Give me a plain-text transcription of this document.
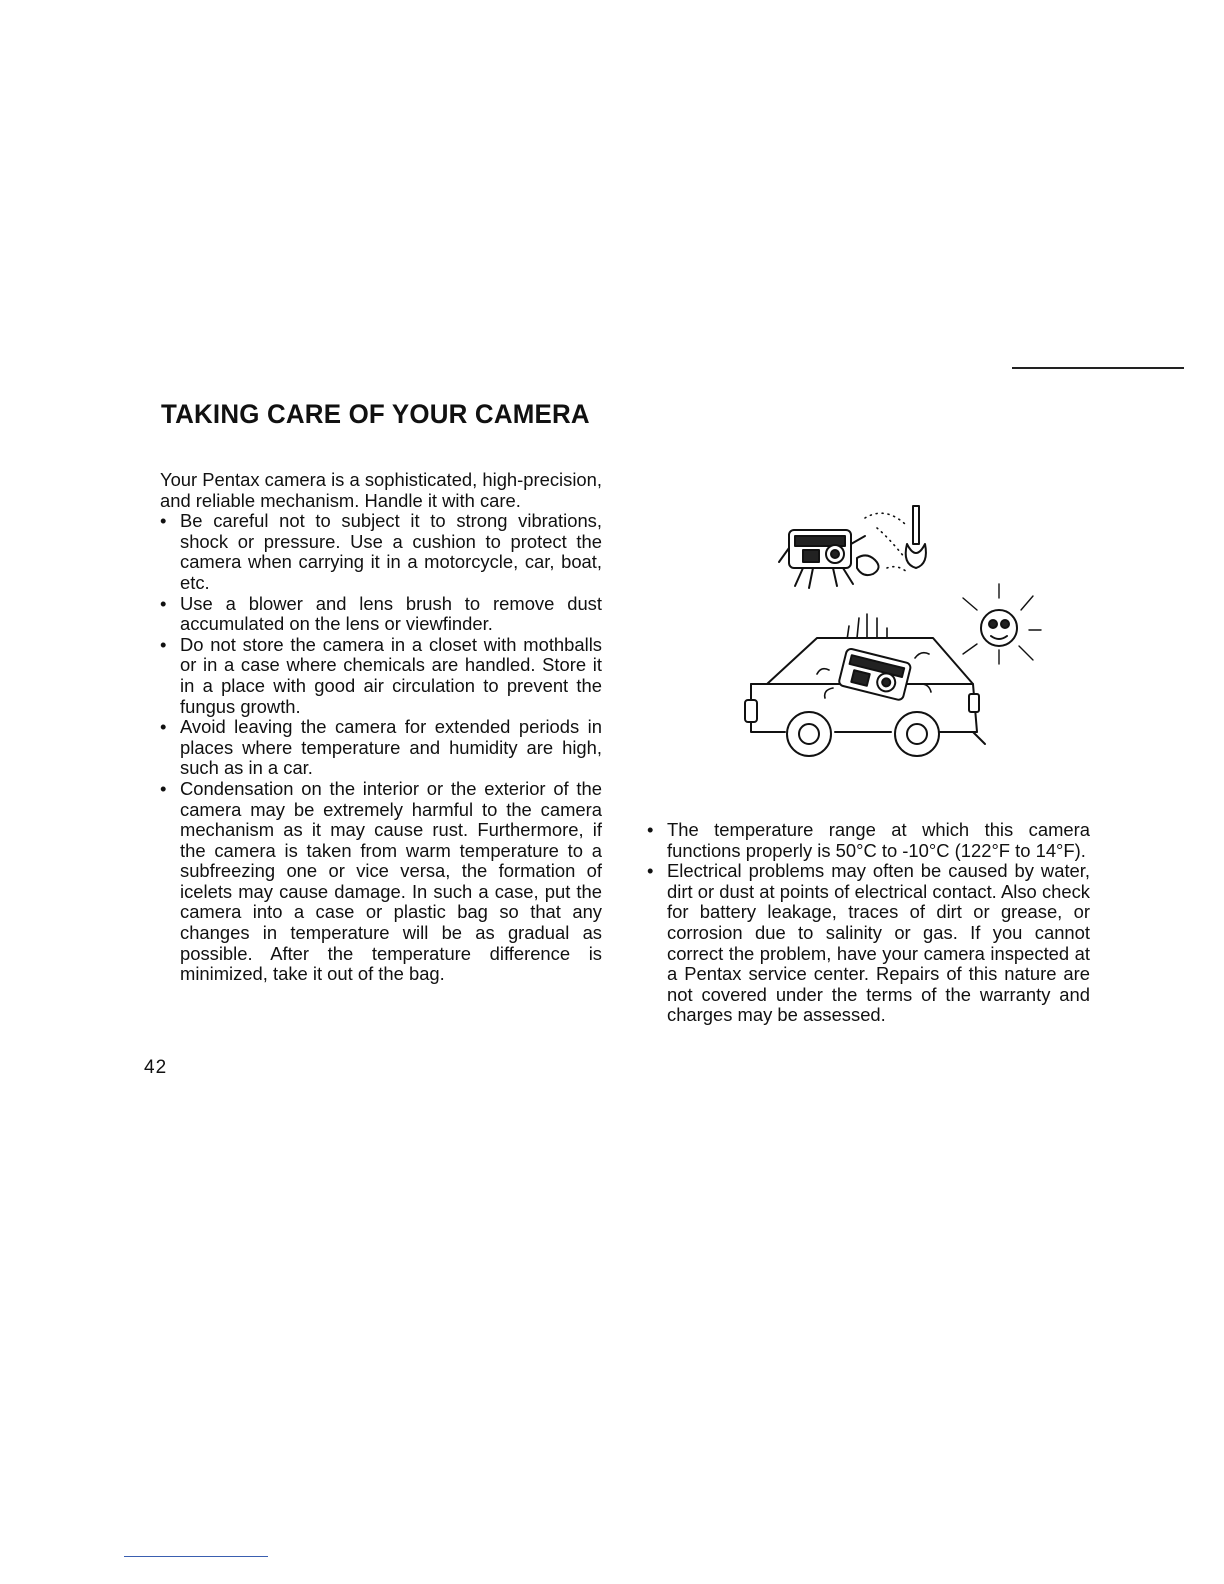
TAKING CARE OF YOUR CAMERA

Your Pentax camera is a sophisticated, high-precision, and reliable mechanism. Handle it with care.

• Be careful not to subject it to strong vibrations, shock or pressure. Use a cushion to protect the camera when carrying it in a motorcycle, car, boat, etc.
• Use a blower and lens brush to remove dust accumulated on the lens or viewfinder.
• Do not store the camera in a closet with mothballs or in a case where chemicals are handled. Store it in a place with good air circulation to prevent the fungus growth.
• Avoid leaving the camera for extended periods in places where temperature and humidity are high, such as in a car.
• Condensation on the interior or the exterior of the camera may be extremely harmful to the camera mechanism as it may cause rust. Furthermore, if the camera is taken from warm temperature to a subfreezing one or vice versa, the formation of icelets may cause damage. In such a case, put the camera into a case or plastic bag so that any changes in temperature will be as gradual as possible. After the temperature difference is minimized, take it out of the bag.
42
• The temperature range at which this camera functions properly is 50°C to -10°C (122°F to 14°F).
• Electrical problems may often be caused by water, dirt or dust at points of electrical contact. Also check for battery leakage, traces of dirt or grease, or corrosion due to salinity or gas. If you cannot correct the problem, have your camera inspected at a Pentax service center. Repairs of this nature are not covered under the terms of the warranty and charges may be assessed.
